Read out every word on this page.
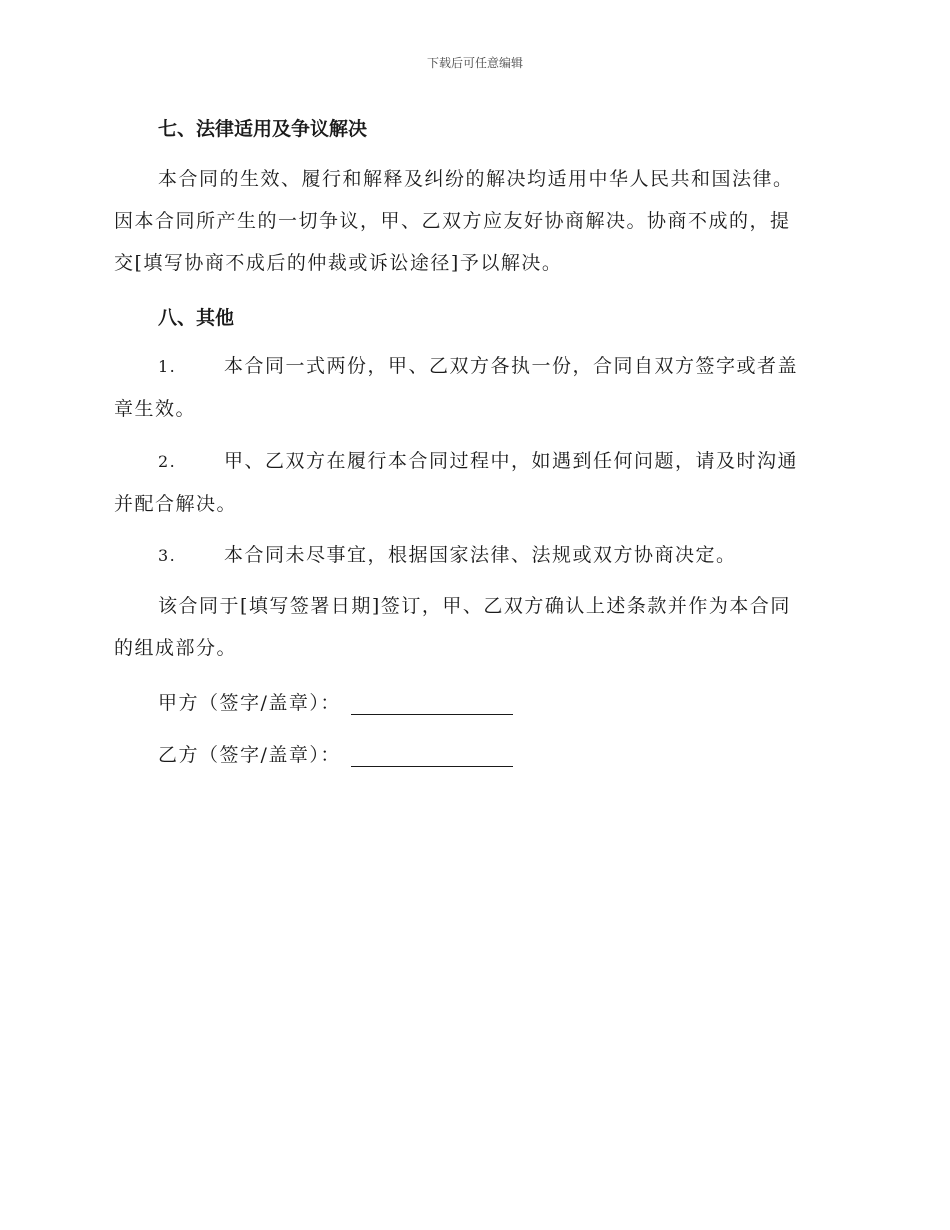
下载后可任意编辑
七、法律适用及争议解决
本合同的生效、履行和解释及纠纷的解决均适用中华人民共和国法律。
因本合同所产生的一切争议，甲、乙双方应友好协商解决。协商不成的，提
交[填写协商不成后的仲裁或诉讼途径]予以解决。
八、其他
1.	本合同一式两份，甲、乙双方各执一份，合同自双方签字或者盖
章生效。
2.	甲、乙双方在履行本合同过程中，如遇到任何问题，请及时沟通
并配合解决。
3.	本合同未尽事宜，根据国家法律、法规或双方协商决定。
该合同于[填写签署日期]签订，甲、乙双方确认上述条款并作为本合同
的组成部分。
甲方（签字/盖章）：
乙方（签字/盖章）：
